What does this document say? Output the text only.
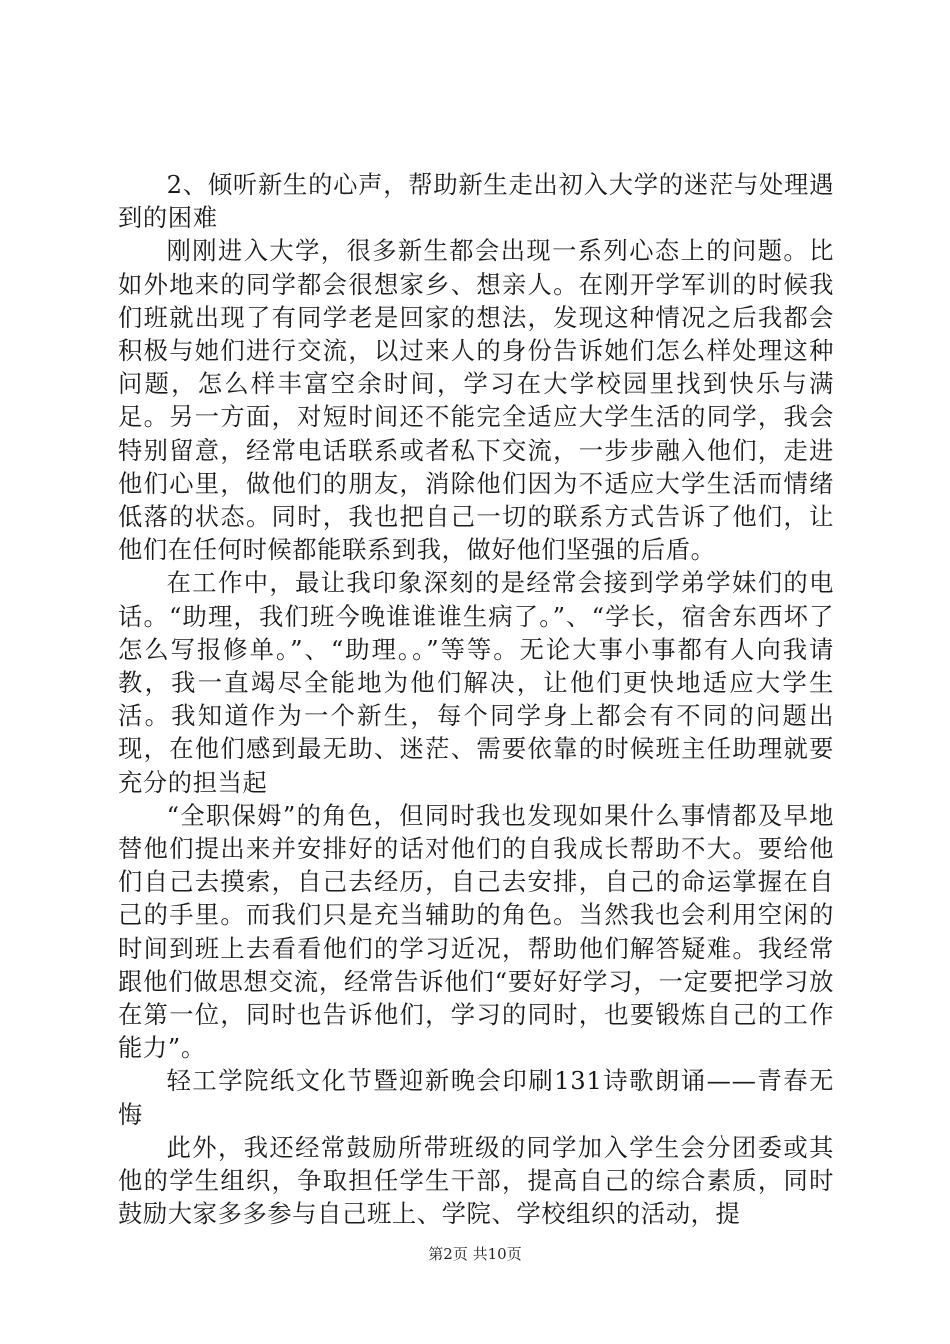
2、倾听新生的心声，帮助新生走出初入大学的迷茫与处理遇到的困难

刚刚进入大学，很多新生都会出现一系列心态上的问题。比如外地来的同学都会很想家乡、想亲人。在刚开学军训的时候我们班就出现了有同学老是回家的想法，发现这种情况之后我都会积极与她们进行交流，以过来人的身份告诉她们怎么样处理这种问题，怎么样丰富空余时间，学习在大学校园里找到快乐与满足。另一方面，对短时间还不能完全适应大学生活的同学，我会特别留意，经常电话联系或者私下交流，一步步融入他们，走进他们心里，做他们的朋友，消除他们因为不适应大学生活而情绪低落的状态。同时，我也把自己一切的联系方式告诉了他们，让他们在任何时候都能联系到我，做好他们坚强的后盾。

在工作中，最让我印象深刻的是经常会接到学弟学妹们的电话。“助理，我们班今晚谁谁谁生病了。”、“学长，宿舍东西坏了怎么写报修单。”、“助理。。”等等。无论大事小事都有人向我请教，我一直竭尽全能地为他们解决，让他们更快地适应大学生活。我知道作为一个新生，每个同学身上都会有不同的问题出现，在他们感到最无助、迷茫、需要依靠的时候班主任助理就要充分的担当起

“全职保姆”的角色，但同时我也发现如果什么事情都及早地替他们提出来并安排好的话对他们的自我成长帮助不大。要给他们自己去摸索，自己去经历，自己去安排，自己的命运掌握在自己的手里。而我们只是充当辅助的角色。当然我也会利用空闲的时间到班上去看看他们的学习近况，帮助他们解答疑难。我经常跟他们做思想交流，经常告诉他们“要好好学习，一定要把学习放在第一位，同时也告诉他们，学习的同时，也要锻炼自己的工作能力”。

轻工学院纸文化节暨迎新晚会印刷131诗歌朗诵——青春无悔

此外，我还经常鼓励所带班级的同学加入学生会分团委或其他的学生组织，争取担任学生干部，提高自己的综合素质，同时鼓励大家多多参与自己班上、学院、学校组织的活动，提

第2页 共10页
